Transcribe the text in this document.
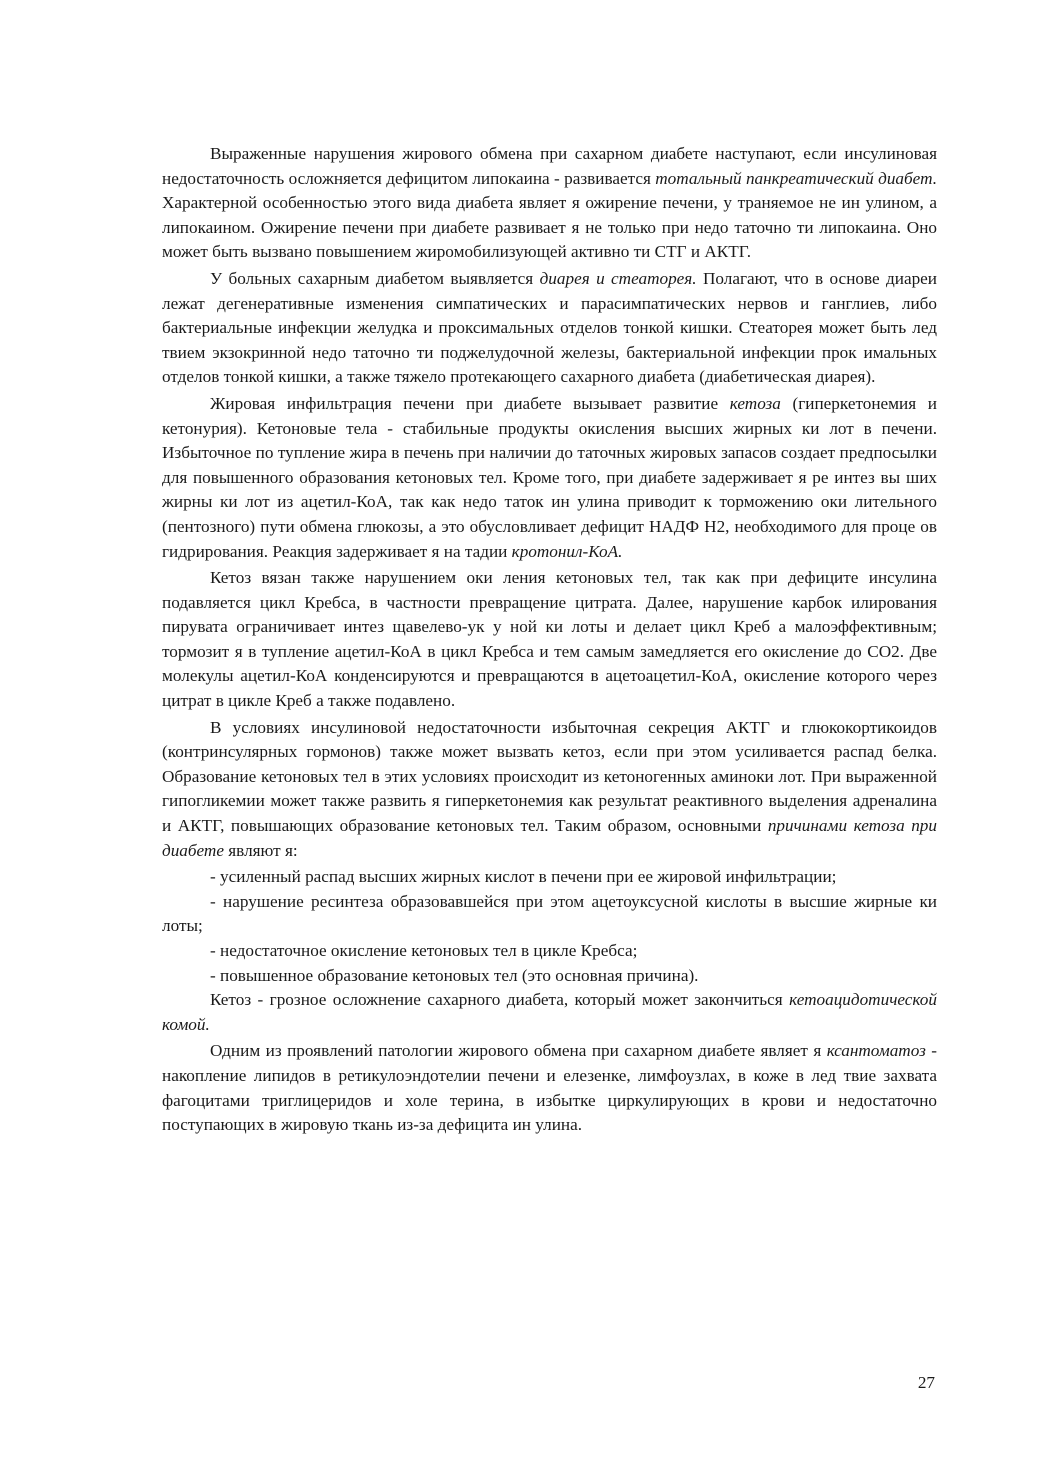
Выраженные нарушения жирового обмена при сахарном диабете наступают, если инсулиновая недостаточность осложняется дефицитом липокаина - развивается тотальный панкреатический диабет. Характерной особенностью этого вида диабета являет я ожирение печени, у траняемое не ин улином, а липокаином. Ожирение печени при диабете развивает я не только при недо таточно ти липокаина. Оно может быть вызвано повышением жиромобилизующей активно ти СТГ и АКТГ.

У больных сахарным диабетом выявляется диарея и стеаторея. Полагают, что в основе диареи лежат дегенеративные изменения симпатических и парасимпатических нервов и ганглиев, либо бактериальные инфекции желудка и проксимальных отделов тонкой кишки. Стеаторея может быть лед твием экзокринной недо таточно ти поджелудочной железы, бактериальной инфекции прок имальных отделов тонкой кишки, а также тяжело протекающего сахарного диабета (диабетическая диарея).

Жировая инфильтрация печени при диабете вызывает развитие кетоза (гиперкетонемия и кетонурия). Кетоновые тела - стабильные продукты окисления высших жирных ки лот в печени. Избыточное по тупление жира в печень при наличии до таточных жировых запасов создает предпосылки для повышенного образования кетоновых тел. Кроме того, при диабете задерживает я ре интез вы ших жирны ки лот из ацетил-КоА, так как недо таток ин улина приводит к торможению оки лительного (пентозного) пути обмена глюкозы, а это обусловливает дефицит НАДФ Н2, необходимого для проце ов гидрирования. Реакция задерживает я на тадии кротонил-КоА.

Кетоз вязан также нарушением оки ления кетоновых тел, так как при дефиците инсулина подавляется цикл Кребса, в частности превращение цитрата. Далее, нарушение карбок илирования пирувата ограничивает интез щавелево-ук у ной ки лоты и делает цикл Креб а малоэффективным; тормозит я в тупление ацетил-КоА в цикл Кребса и тем самым замедляется его окисление до СО2. Две молекулы ацетил-КоА конденсируются и превращаются в ацетоацетил-КоА, окисление которого через цитрат в цикле Креб а также подавлено.

В условиях инсулиновой недостаточности избыточная секреция АКТГ и глюкокортикоидов (контринсулярных гормонов) также может вызвать кетоз, если при этом усиливается распад белка. Образование кетоновых тел в этих условиях происходит из кетоногенных аминоки лот. При выраженной гипогликемии может также развить я гиперкетонемия как результат реактивного выделения адреналина и АКТГ, повышающих образование кетоновых тел. Таким образом, основными причинами кетоза при диабете являют я:

- усиленный распад высших жирных кислот в печени при ее жировой инфильтрации;

- нарушение ресинтеза образовавшейся при этом ацетоуксусной кислоты в высшие жирные ки лоты;

- недостаточное окисление кетоновых тел в цикле Кребса;

- повышенное образование кетоновых тел (это основная причина).

Кетоз - грозное осложнение сахарного диабета, который может закончиться кетоацидотической комой.

Одним из проявлений патологии жирового обмена при сахарном диабете являет я ксантоматоз - накопление липидов в ретикулоэндотелии печени и елезенке, лимфоузлах, в коже в лед твие захвата фагоцитами триглицеридов и холе терина, в избытке циркулирующих в крови и недостаточно поступающих в жировую ткань из-за дефицита ин улина.

27
